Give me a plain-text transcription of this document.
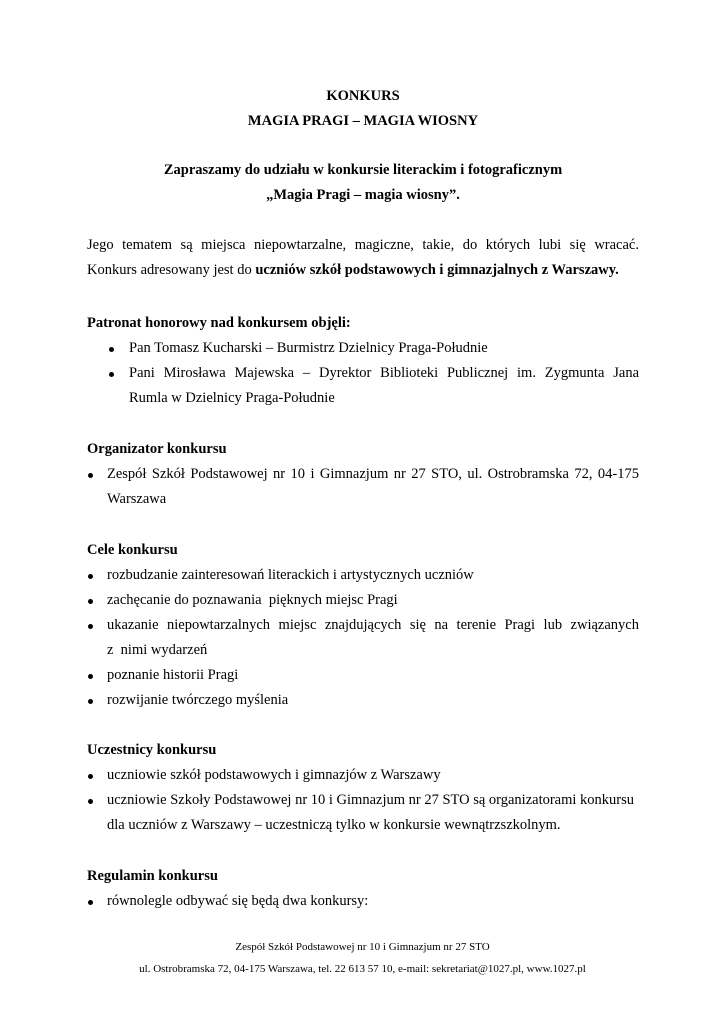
KONKURS
MAGIA PRAGI – MAGIA WIOSNY
Zapraszamy do udziału w konkursie literackim i fotograficznym
„Magia Pragi – magia wiosny”.
Jego tematem są miejsca niepowtarzalne, magiczne, takie, do których lubi się wracać.
Konkurs adresowany jest do uczniów szkół podstawowych i gimnazjalnych z Warszawy.
Patronat honorowy nad konkursem objęli:
Pan Tomasz Kucharski – Burmistrz Dzielnicy Praga-Południe
Pani Mirosława Majewska – Dyrektor Biblioteki Publicznej im. Zygmunta Jana
Rumla w Dzielnicy Praga-Południe
Organizator konkursu
Zespół Szkół Podstawowej nr 10 i Gimnazjum nr 27 STO, ul. Ostrobramska 72, 04-175
Warszawa
Cele konkursu
rozbudzanie zainteresowań literackich i artystycznych uczniów
zachęcanie do poznawania  pięknych miejsc Pragi
ukazanie niepowtarzalnych miejsc znajdujących się na terenie Pragi lub związanych
z  nimi wydarzeń
poznanie historii Pragi
rozwijanie twórczego myślenia
Uczestnicy konkursu
uczniowie szkół podstawowych i gimnazjów z Warszawy
uczniowie Szkoły Podstawowej nr 10 i Gimnazjum nr 27 STO są organizatorami konkursu
dla uczniów z Warszawy – uczestniczą tylko w konkursie wewnątrzszkolnym.
Regulamin konkursu
równolegle odbywać się będą dwa konkursy:
Zespół Szkół Podstawowej nr 10 i Gimnazjum nr 27 STO
ul. Ostrobramska 72, 04-175 Warszawa, tel. 22 613 57 10, e-mail: sekretariat@1027.pl, www.1027.pl
